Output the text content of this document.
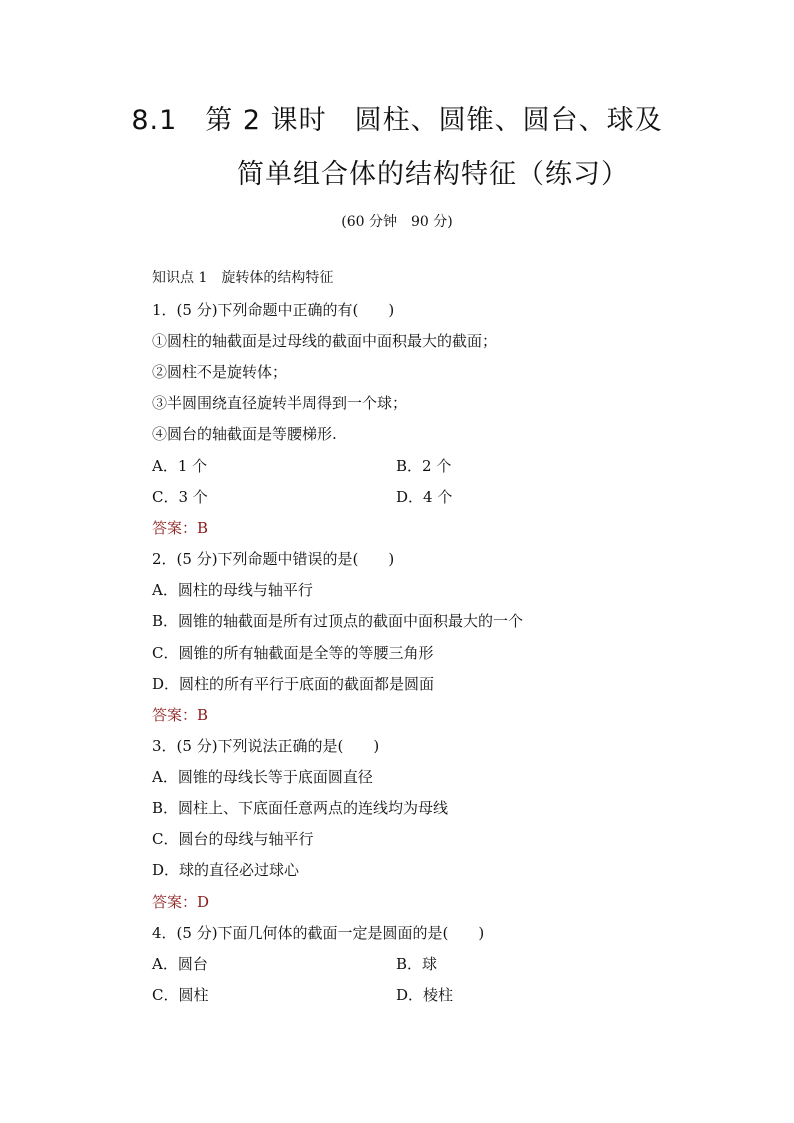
8.1　第 2 课时　圆柱、圆锥、圆台、球及
简单组合体的结构特征（练习）
(60 分钟　90 分)
知识点 1　旋转体的结构特征
1．(5 分)下列命题中正确的有(　　)
①圆柱的轴截面是过母线的截面中面积最大的截面；
②圆柱不是旋转体；
③半圆围绕直径旋转半周得到一个球；
④圆台的轴截面是等腰梯形.
A．1 个	B．2 个
C．3 个	D．4 个
答案：B
2．(5 分)下列命题中错误的是(　　)
A．圆柱的母线与轴平行
B．圆锥的轴截面是所有过顶点的截面中面积最大的一个
C．圆锥的所有轴截面是全等的等腰三角形
D．圆柱的所有平行于底面的截面都是圆面
答案：B
3．(5 分)下列说法正确的是(　　)
A．圆锥的母线长等于底面圆直径
B．圆柱上、下底面任意两点的连线均为母线
C．圆台的母线与轴平行
D．球的直径必过球心
答案：D
4．(5 分)下面几何体的截面一定是圆面的是(　　)
A．圆台	B．球
C．圆柱	D．棱柱
